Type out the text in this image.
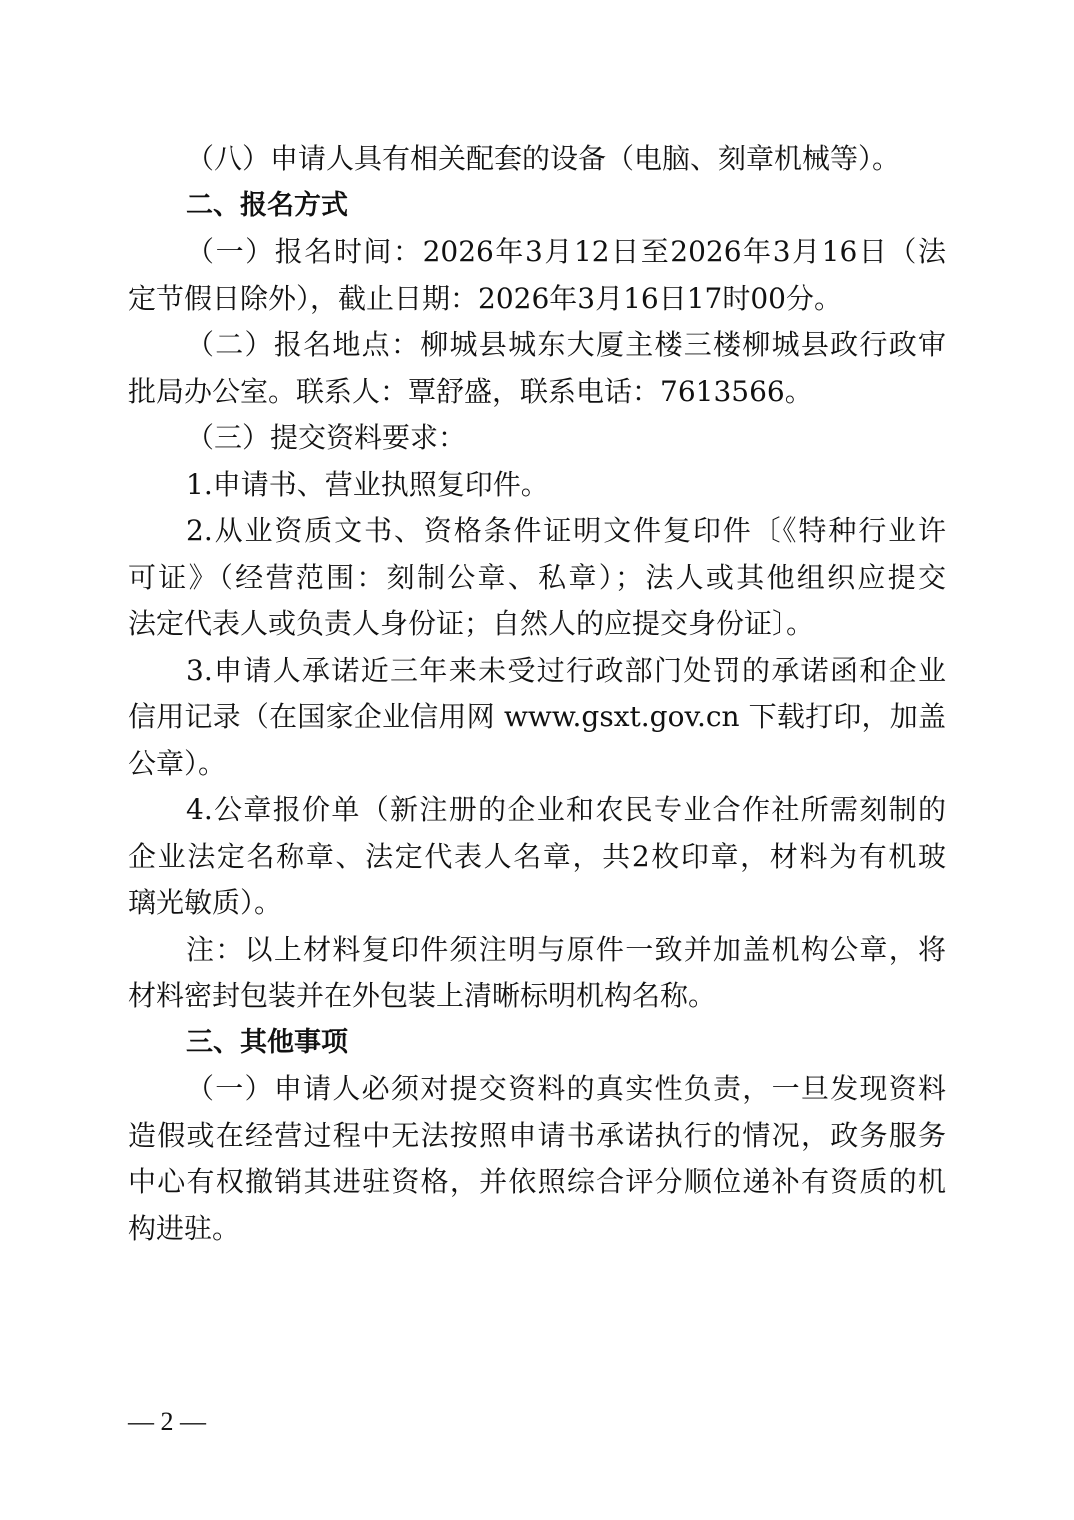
（八）申请人具有相关配套的设备（电脑、刻章机械等）。
二、报名方式
（一）报名时间：2026年3月12日至2026年3月16日（法
定节假日除外），截止日期：2026年3月16日17时00分。
（二）报名地点：柳城县城东大厦主楼三楼柳城县政行政审
批局办公室。联系人：覃舒盛，联系电话：7613566。
（三）提交资料要求：
1.申请书、营业执照复印件。
2.从业资质文书、资格条件证明文件复印件〔《特种行业许
可证》（经营范围：刻制公章、私章）；法人或其他组织应提交
法定代表人或负责人身份证；自然人的应提交身份证〕。
3.申请人承诺近三年来未受过行政部门处罚的承诺函和企业
信用记录（在国家企业信用网 www.gsxt.gov.cn 下载打印，加盖
公章）。
4.公章报价单（新注册的企业和农民专业合作社所需刻制的
企业法定名称章、法定代表人名章，共2枚印章，材料为有机玻
璃光敏质）。
注：以上材料复印件须注明与原件一致并加盖机构公章，将
材料密封包装并在外包装上清晰标明机构名称。
三、其他事项
（一）申请人必须对提交资料的真实性负责，一旦发现资料
造假或在经营过程中无法按照申请书承诺执行的情况，政务服务
中心有权撤销其进驻资格，并依照综合评分顺位递补有资质的机
构进驻。
— 2 —
